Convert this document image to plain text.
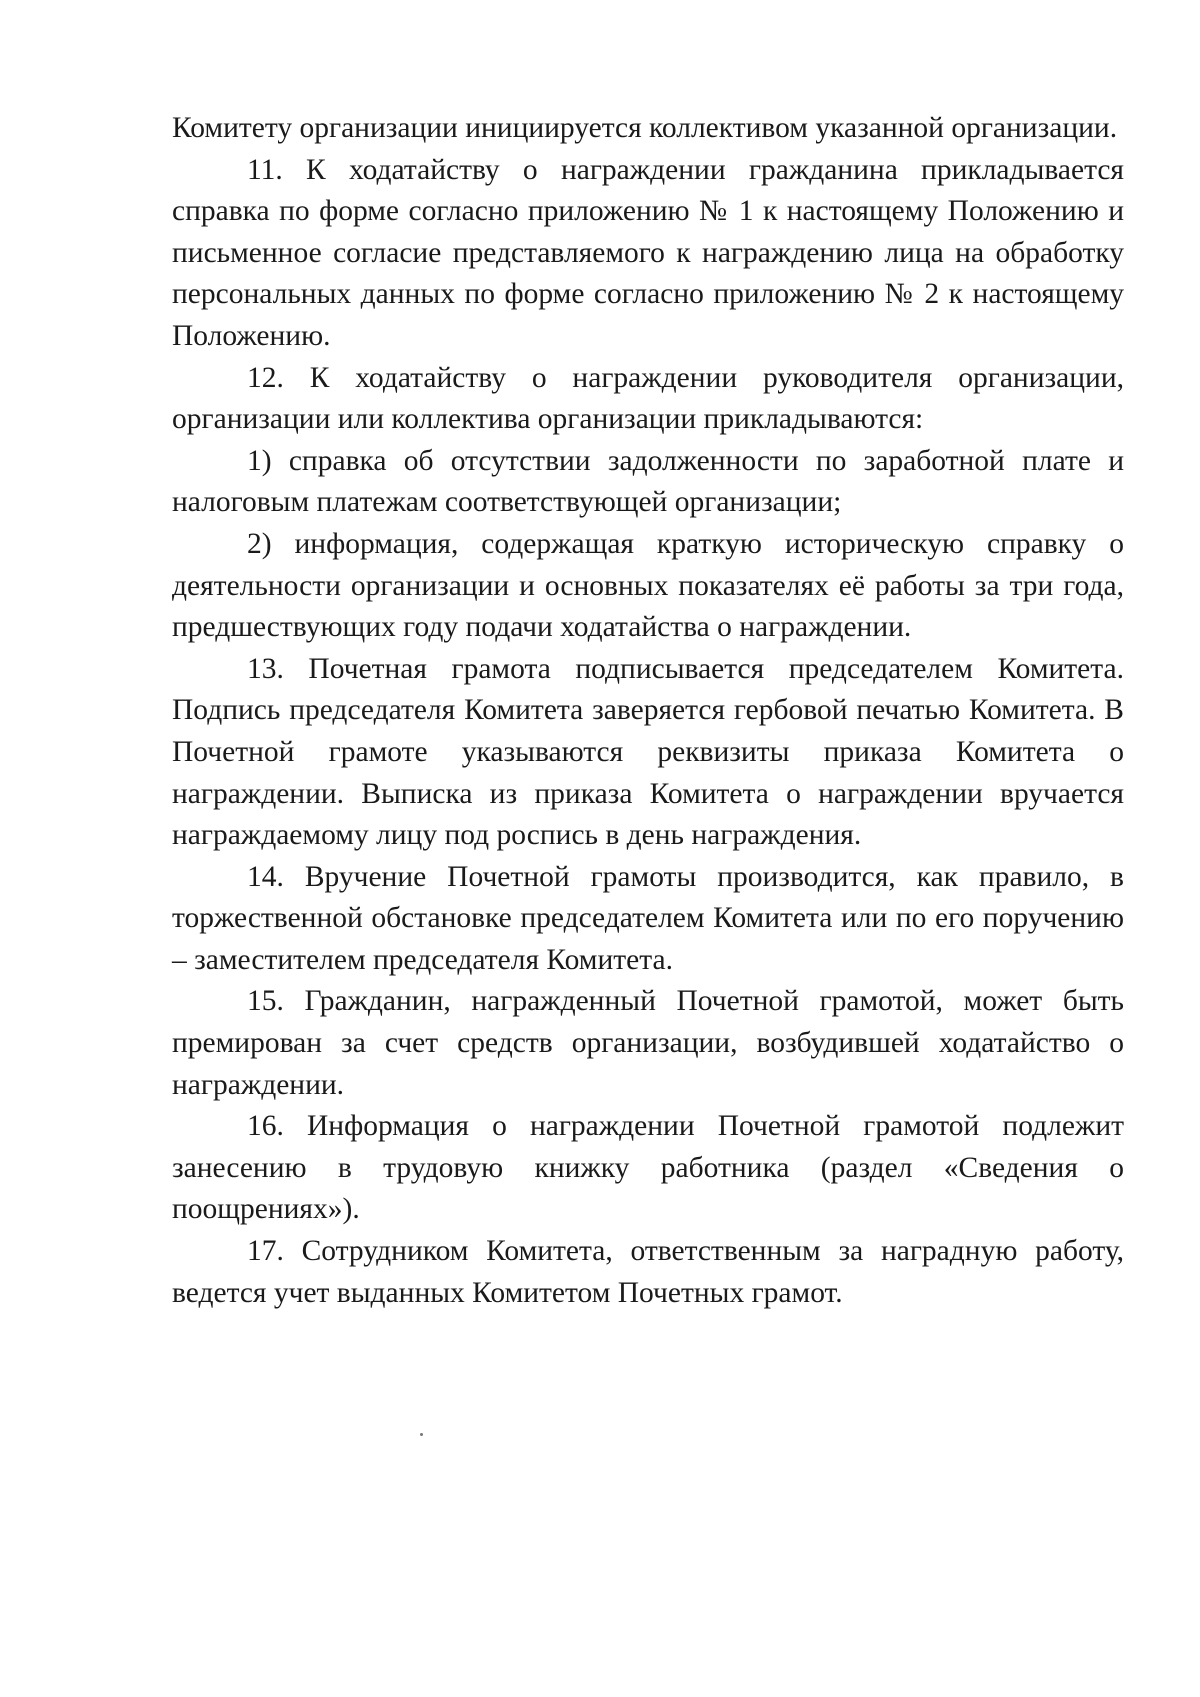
Комитету организации инициируется коллективом указанной организации.

11. К ходатайству о награждении гражданина прикладывается справка по форме согласно приложению № 1 к настоящему Положению и письменное согласие представляемого к награждению лица на обработку персональных данных по форме согласно приложению № 2 к настоящему Положению.

12. К ходатайству о награждении руководителя организации, организации или коллектива организации прикладываются:

1) справка об отсутствии задолженности по заработной плате и налоговым платежам соответствующей организации;

2) информация, содержащая краткую историческую справку о деятельности организации и основных показателях её работы за три года, предшествующих году подачи ходатайства о награждении.

13. Почетная грамота подписывается председателем Комитета. Подпись председателя Комитета заверяется гербовой печатью Комитета. В Почетной грамоте указываются реквизиты приказа Комитета о награждении. Выписка из приказа Комитета о награждении вручается награждаемому лицу под роспись в день награждения.

14. Вручение Почетной грамоты производится, как правило, в торжественной обстановке председателем Комитета или по его поручению – заместителем председателя Комитета.

15. Гражданин, награжденный Почетной грамотой, может быть премирован за счет средств организации, возбудившей ходатайство о награждении.

16. Информация о награждении Почетной грамотой подлежит занесению в трудовую книжку работника (раздел «Сведения о поощрениях»).

17. Сотрудником Комитета, ответственным за наградную работу, ведется учет выданных Комитетом Почетных грамот.
